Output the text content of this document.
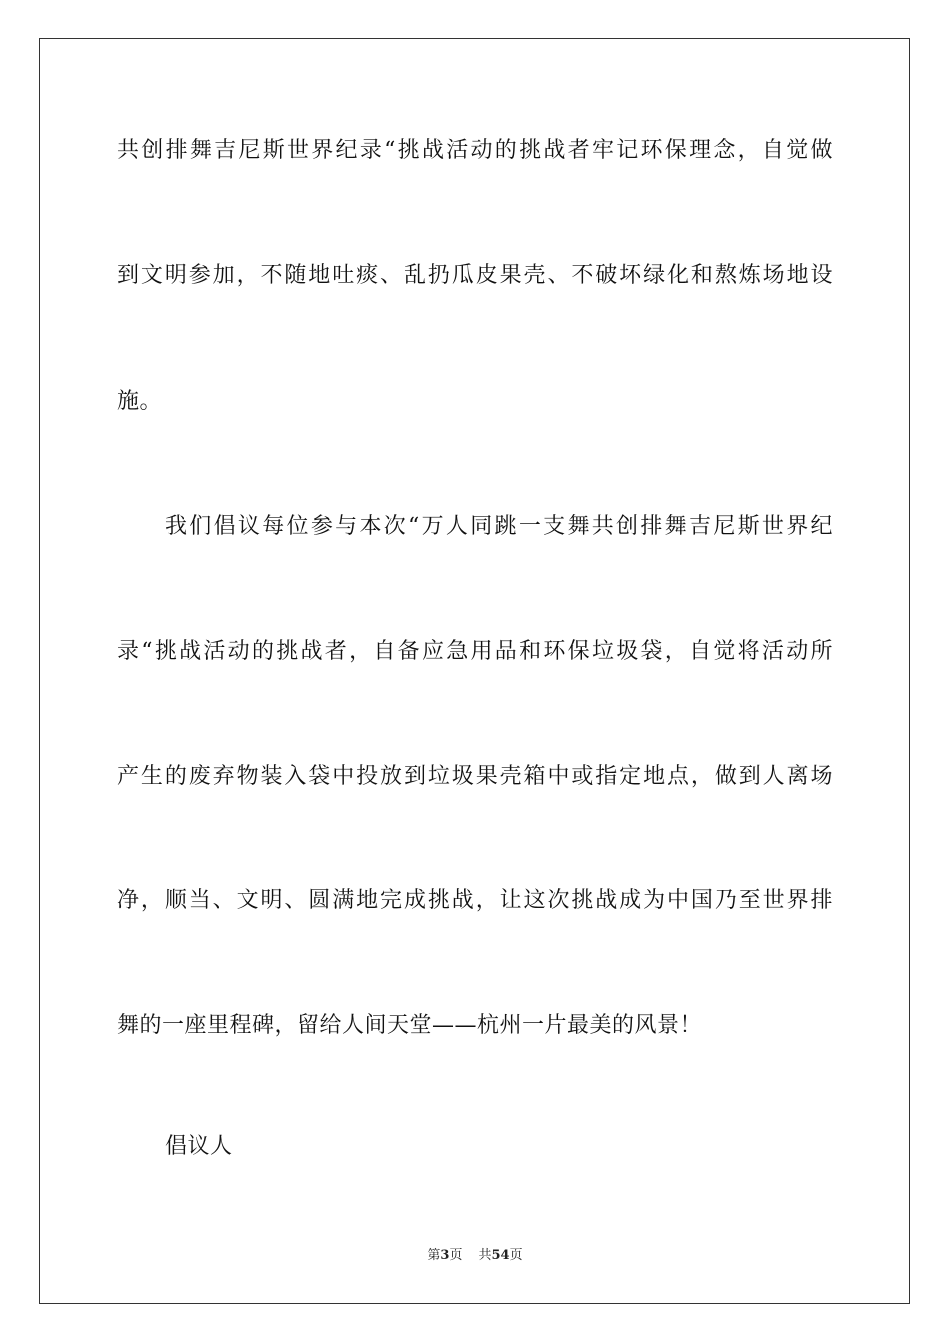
共创排舞吉尼斯世界纪录“挑战活动的挑战者牢记环保理念，自觉做
到文明参加，不随地吐痰、乱扔瓜皮果壳、不破坏绿化和熬炼场地设
施。
我们倡议每位参与本次“万人同跳一支舞共创排舞吉尼斯世界纪
录“挑战活动的挑战者，自备应急用品和环保垃圾袋，自觉将活动所
产生的废弃物装入袋中投放到垃圾果壳箱中或指定地点，做到人离场
净，顺当、文明、圆满地完成挑战，让这次挑战成为中国乃至世界排
舞的一座里程碑，留给人间天堂——杭州一片最美的风景！
倡议人
第3页 共54页
